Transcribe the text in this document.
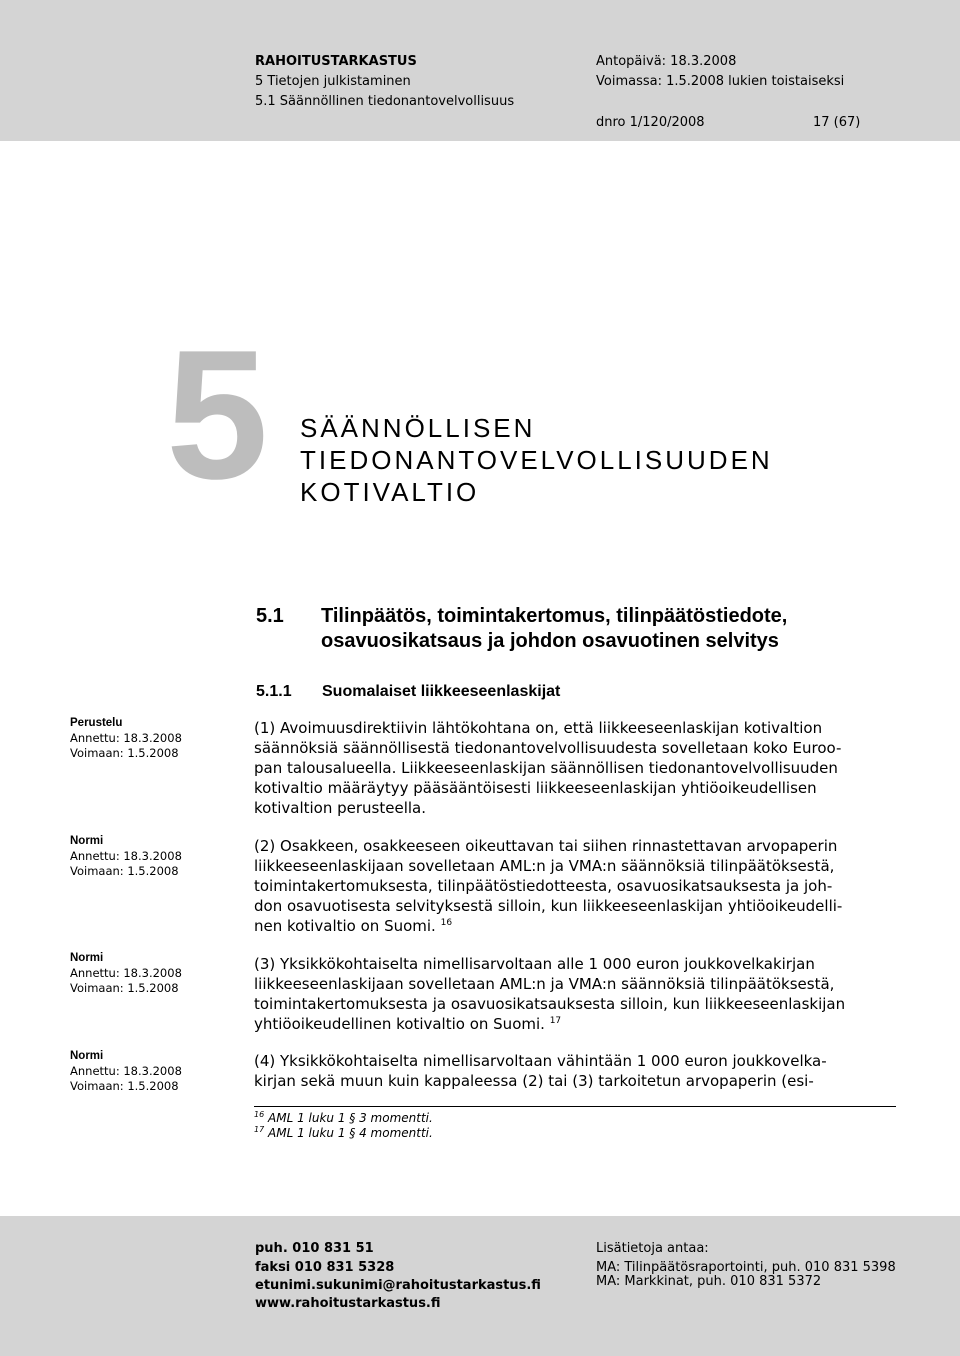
RAHOITUSTARKASTUS
5 Tietojen julkistaminen
5.1 Säännöllinen tiedonantovelvollisuus
Antopäivä: 18.3.2008
Voimassa: 1.5.2008 lukien toistaiseksi
dnro 1/120/2008	17 (67)
5 SÄÄNNÖLLISEN
TIEDONANTOVELVOLLISUUDEN
KOTIVALTIO
5.1 Tilinpäätös, toimintakertomus, tilinpäätöstiedote,
osavuosikatsaus ja johdon osavuotinen selvitys
5.1.1 Suomalaiset liikkeeseenlaskijat
Perustelu
Annettu: 18.3.2008
Voimaan: 1.5.2008
Normi
Annettu: 18.3.2008
Voimaan: 1.5.2008
Normi
Annettu: 18.3.2008
Voimaan: 1.5.2008
Normi
Annettu: 18.3.2008
Voimaan: 1.5.2008
(1) Avoimuusdirektiivin lähtökohtana on, että liikkeeseenlaskijan kotivaltion
säännöksiä säännöllisestä tiedonantovelvollisuudesta sovelletaan koko Euroo-
pan talousalueella. Liikkeeseenlaskijan säännöllisen tiedonantovelvollisuuden
kotivaltio määräytyy pääsääntöisesti liikkeeseenlaskijan yhtiöoikeudellisen
kotivaltion perusteella.
(2) Osakkeen, osakkeeseen oikeuttavan tai siihen rinnastettavan arvopaperin
liikkeeseenlaskijaan sovelletaan AML:n ja VMA:n säännöksiä tilinpäätöksestä,
toimintakertomuksesta, tilinpäätöstiedotteesta, osavuosikatsauksesta ja joh-
don osavuotisesta selvityksestä silloin, kun liikkeeseenlaskijan yhtiöoikeudelli-
nen kotivaltio on Suomi. $^{16}$
(3) Yksikkökohtaiselta nimellisarvoltaan alle 1 000 euron joukkovelkakirjan
liikkeeseenlaskijaan sovelletaan AML:n ja VMA:n säännöksiä tilinpäätöksestä,
toimintakertomuksesta ja osavuosikatsauksesta silloin, kun liikkeeseenlaskijan
yhtiöoikeudellinen kotivaltio on Suomi. $^{17}$
(4) Yksikkökohtaiselta nimellisarvoltaan vähintään 1 000 euron joukkovelka-
kirjan sekä muun kuin kappaleessa (2) tai (3) tarkoitetun arvopaperin (esi-
$^{16}$ AML 1 luku 1 § 3 momentti.
$^{17}$ AML 1 luku 1 § 4 momentti.
puh. 010 831 51
faksi 010 831 5328
etunimi.sukunimi@rahoitustarkastus.fi
www.rahoitustarkastus.fi
Lisätietoja antaa:
MA: Tilinpäätösraportointi, puh. 010 831 5398
MA: Markkinat, puh. 010 831 5372
